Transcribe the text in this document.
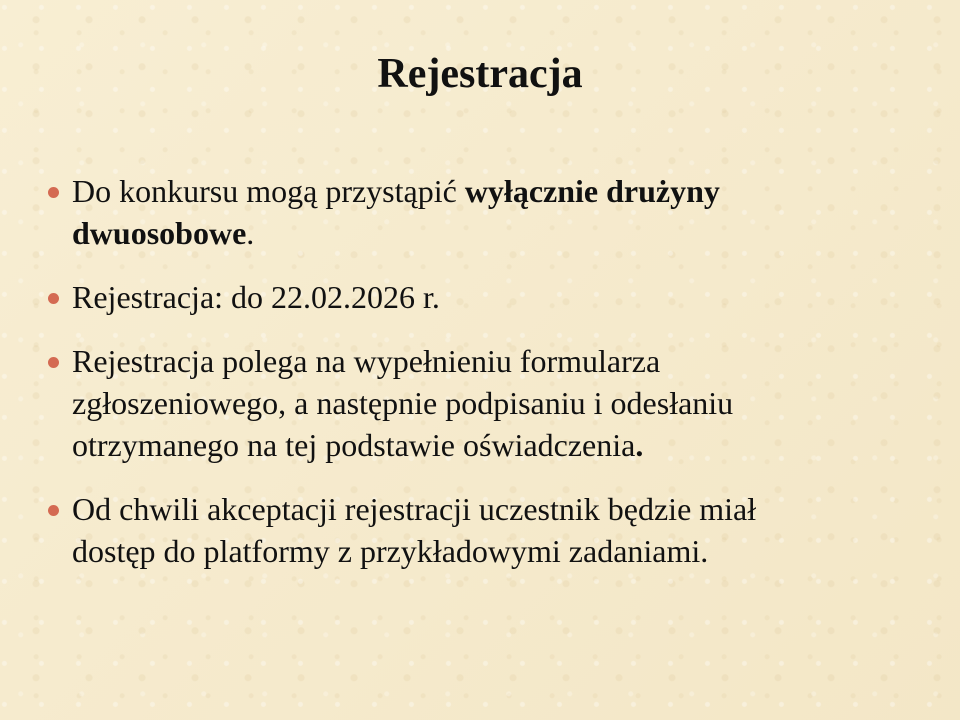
Rejestracja
Do konkursu mogą przystąpić wyłącznie drużyny
dwuosobowe.
Rejestracja: do 22.02.2026 r.
Rejestracja polega na wypełnieniu formularza
zgłoszeniowego, a następnie podpisaniu i odesłaniu
otrzymanego na tej podstawie oświadczenia.
Od chwili akceptacji rejestracji uczestnik będzie miał
dostęp do platformy z przykładowymi zadaniami.
